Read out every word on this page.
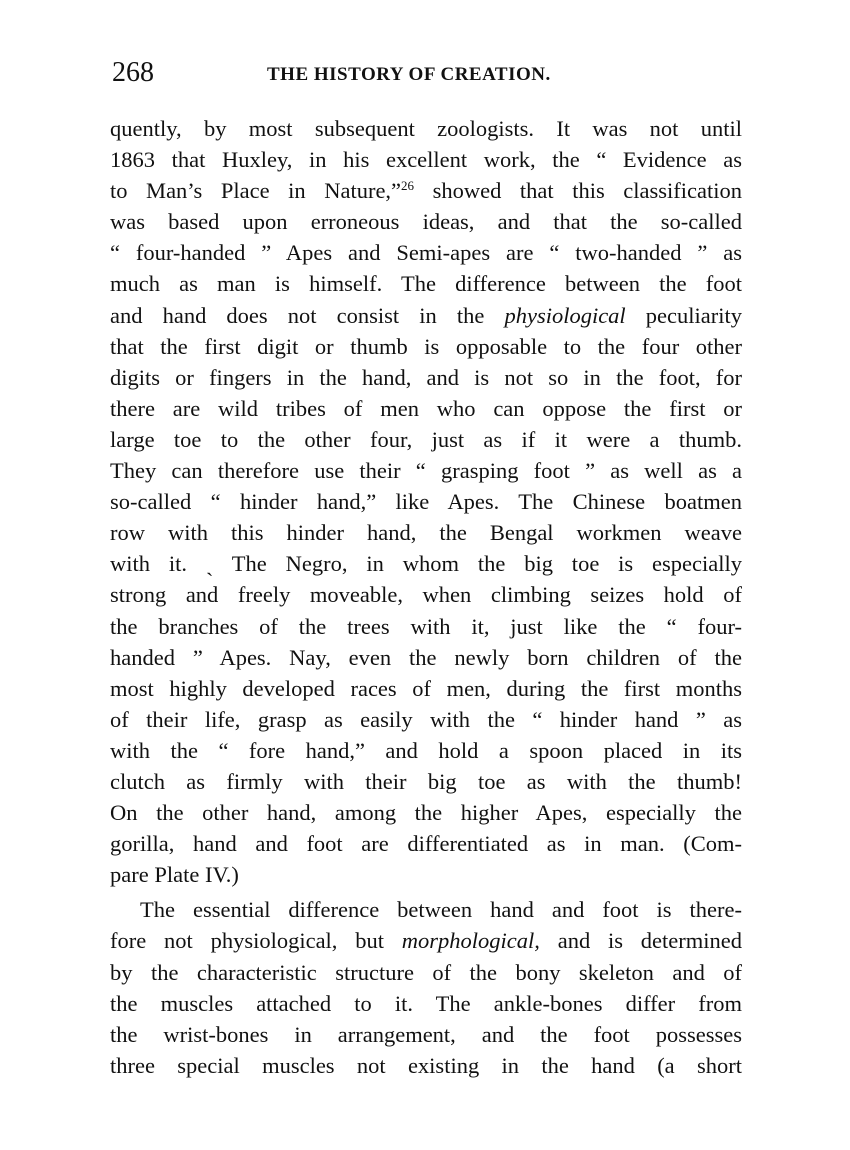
268	THE HISTORY OF CREATION.
quently, by most subsequent zoologists. It was not until
1863 that Huxley, in his excellent work, the “ Evidence as
to Man’s Place in Nature,”$^{26}$ showed that this classification
was based upon erroneous ideas, and that the so-called
“ four-handed ” Apes and Semi-apes are “ two-handed ” as
much as man is himself. The difference between the foot
and hand does not consist in the physiological peculiarity
that the first digit or thumb is opposable to the four other
digits or fingers in the hand, and is not so in the foot, for
there are wild tribes of men who can oppose the first or
large toe to the other four, just as if it were a thumb.
They can therefore use their “ grasping foot ” as well as a
so-called “ hinder hand,” like Apes. The Chinese boatmen
row with this hinder hand, the Bengal workmen weave
with it. ˎ The Negro, in whom the big toe is especially
strong and freely moveable, when climbing seizes hold of
the branches of the trees with it, just like the “ four-
handed ” Apes. Nay, even the newly born children of the
most highly developed races of men, during the first months
of their life, grasp as easily with the “ hinder hand ” as
with the “ fore hand,” and hold a spoon placed in its
clutch as firmly with their big toe as with the thumb!
On the other hand, among the higher Apes, especially the
gorilla, hand and foot are differentiated as in man. (Com-
pare Plate IV.)
The essential difference between hand and foot is there-
fore not physiological, but morphological, and is determined
by the characteristic structure of the bony skeleton and of
the muscles attached to it. The ankle-bones differ from
the wrist-bones in arrangement, and the foot possesses
three special muscles not existing in the hand (a short
